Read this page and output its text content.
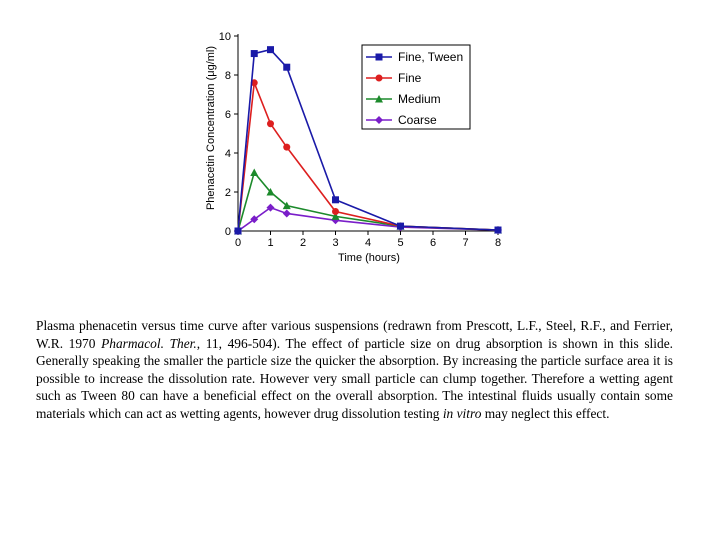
0 1 2 3 4 5 6 7 8
0
2
4
6
8
10
Fine, Tween
Fine
Medium
Coarse
Time (hours)
Phenacetin Concentration (μg/ml)

Plasma phenacetin versus time curve after various suspensions (redrawn from Prescott, L.F., Steel, R.F., and Ferrier, W.R. 1970 Pharmacol. Ther., 11, 496-504). The effect of particle size on drug absorption is shown in this slide. Generally speaking the smaller the particle size the quicker the absorption. By increasing the particle surface area it is possible to increase the dissolution rate. However very small particle can clump together. Therefore a wetting agent such as Tween 80 can have a beneficial effect on the overall absorption. The intestinal fluids usually contain some materials which can act as wetting agents, however drug dissolution testing in vitro may neglect this effect.
